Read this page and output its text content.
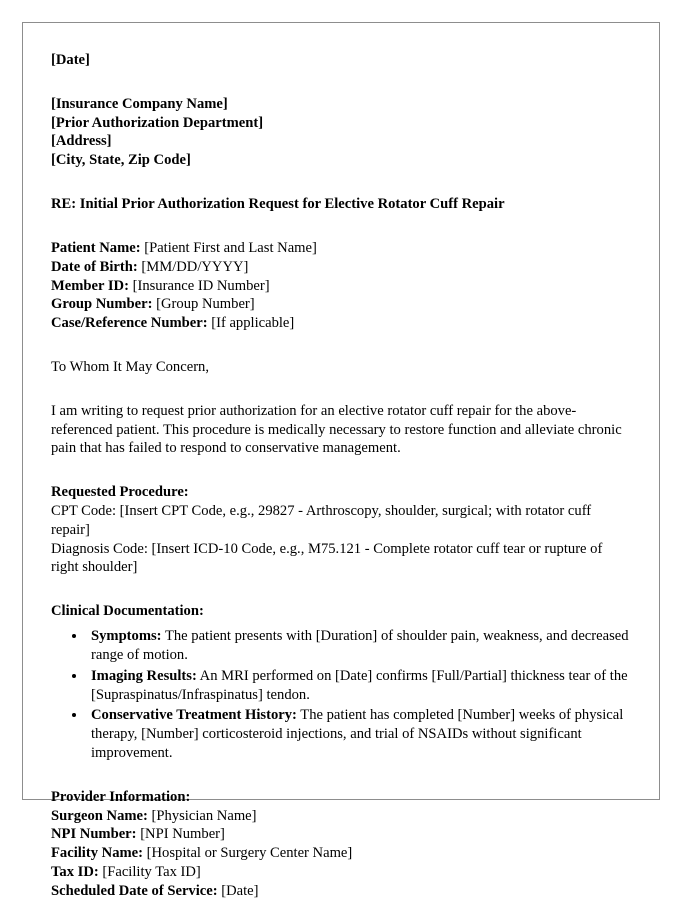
[Date]

[Insurance Company Name]

[Prior Authorization Department]

[Address]

[City, State, Zip Code]

RE: Initial Prior Authorization Request for Elective Rotator Cuff Repair

Patient Name: [Patient First and Last Name]

Date of Birth: [MM/DD/YYYY]

Member ID: [Insurance ID Number]

Group Number: [Group Number]

Case/Reference Number: [If applicable]

To Whom It May Concern,

I am writing to request prior authorization for an elective rotator cuff repair for the above-referenced patient. This procedure is medically necessary to restore function and alleviate chronic pain that has failed to respond to conservative management.

Requested Procedure:

CPT Code: [Insert CPT Code, e.g., 29827 - Arthroscopy, shoulder, surgical; with rotator cuff repair]

Diagnosis Code: [Insert ICD-10 Code, e.g., M75.121 - Complete rotator cuff tear or rupture of right shoulder]

Clinical Documentation:

• Symptoms: The patient presents with [Duration] of shoulder pain, weakness, and decreased range of motion.
• Imaging Results: An MRI performed on [Date] confirms [Full/Partial] thickness tear of the [Supraspinatus/Infraspinatus] tendon.
• Conservative Treatment History: The patient has completed [Number] weeks of physical therapy, [Number] corticosteroid injections, and trial of NSAIDs without significant improvement.

Provider Information:

Surgeon Name: [Physician Name]

NPI Number: [NPI Number]

Facility Name: [Hospital or Surgery Center Name]

Tax ID: [Facility Tax ID]

Scheduled Date of Service: [Date]
